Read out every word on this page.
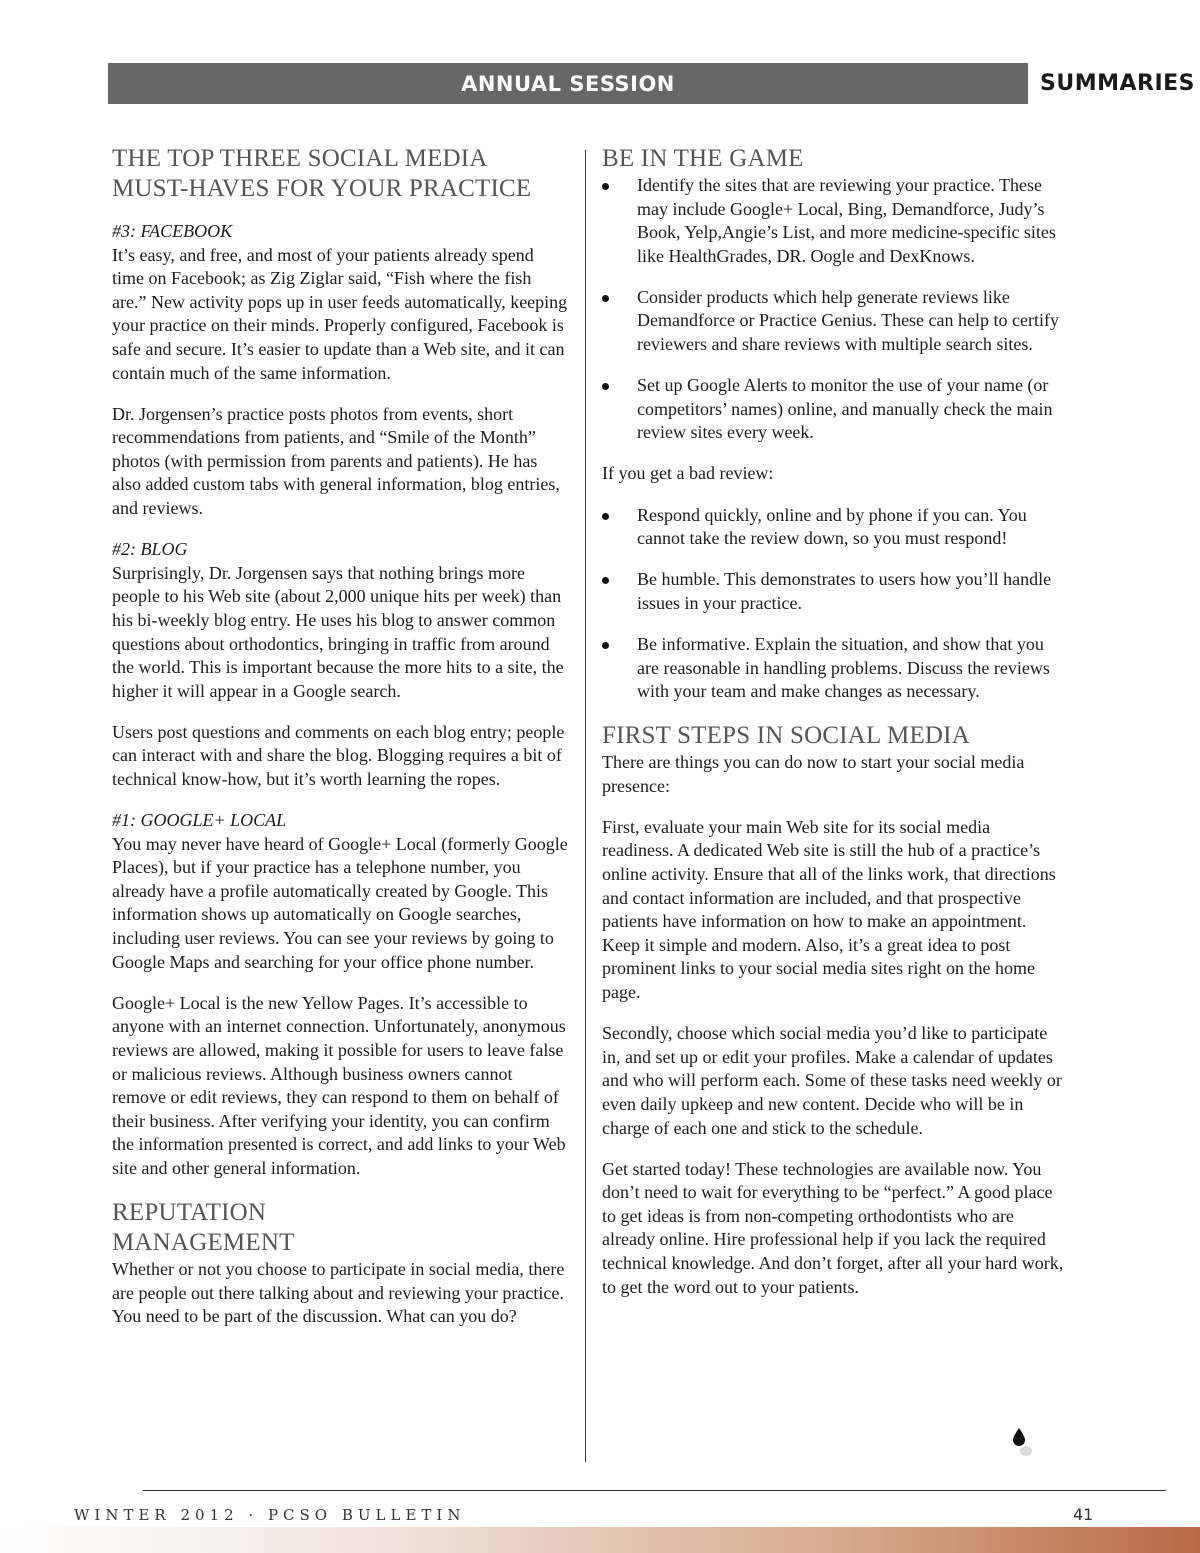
ANNUAL SESSION	SUMMARIES
THE TOP THREE SOCIAL MEDIA
MUST-HAVES FOR YOUR PRACTICE
#3: FACEBOOK

It’s easy, and free, and most of your patients already spend time on Facebook; as Zig Ziglar said, “Fish where the fish are.” New activity pops up in user feeds automatically, keeping your practice on their minds. Properly configured, Facebook is safe and secure. It’s easier to update than a Web site, and it can contain much of the same information.

Dr. Jorgensen’s practice posts photos from events, short recommendations from patients, and “Smile of the Month” photos (with permission from parents and patients). He has also added custom tabs with general information, blog entries, and reviews.

#2: BLOG

Surprisingly, Dr. Jorgensen says that nothing brings more people to his Web site (about 2,000 unique hits per week) than his bi-weekly blog entry. He uses his blog to answer common questions about orthodontics, bringing in traffic from around the world. This is important because the more hits to a site, the higher it will appear in a Google search.

Users post questions and comments on each blog entry; people can interact with and share the blog. Blogging requires a bit of technical know-how, but it’s worth learning the ropes.

#1: GOOGLE+ LOCAL

You may never have heard of Google+ Local (formerly Google Places), but if your practice has a telephone number, you already have a profile automatically created by Google. This information shows up automatically on Google searches, including user reviews. You can see your reviews by going to Google Maps and searching for your office phone number.

Google+ Local is the new Yellow Pages. It’s accessible to anyone with an internet connection. Unfortunately, anonymous reviews are allowed, making it possible for users to leave false or malicious reviews. Although business owners cannot remove or edit reviews, they can respond to them on behalf of their business. After verifying your identity, you can confirm the information presented is correct, and add links to your Web site and other general information.

REPUTATION
MANAGEMENT

Whether or not you choose to participate in social media, there are people out there talking about and reviewing your practice. You need to be part of the discussion. What can you do?

BE IN THE GAME
Identify the sites that are reviewing your practice. These may include Google+ Local, Bing, Demandforce, Judy’s Book, Yelp,Angie’s List, and more medicine-specific sites like HealthGrades, DR. Oogle and DexKnows.
Consider products which help generate reviews like Demandforce or Practice Genius. These can help to certify reviewers and share reviews with multiple search sites.
Set up Google Alerts to monitor the use of your name (or competitors’ names) online, and manually check the main review sites every week.

If you get a bad review:

Respond quickly, online and by phone if you can. You cannot take the review down, so you must respond!
Be humble. This demonstrates to users how you’ll handle issues in your practice.
Be informative. Explain the situation, and show that you are reasonable in handling problems. Discuss the reviews with your team and make changes as necessary.
FIRST STEPS IN SOCIAL MEDIA

There are things you can do now to start your social media presence:

First, evaluate your main Web site for its social media readiness. A dedicated Web site is still the hub of a practice’s online activity. Ensure that all of the links work, that directions and contact information are included, and that prospective patients have information on how to make an appointment. Keep it simple and modern. Also, it’s a great idea to post prominent links to your social media sites right on the home page.

Secondly, choose which social media you’d like to participate in, and set up or edit your profiles. Make a calendar of updates and who will perform each. Some of these tasks need weekly or even daily upkeep and new content. Decide who will be in charge of each one and stick to the schedule.

Get started today! These technologies are available now. You don’t need to wait for everything to be “perfect.” A good place to get ideas is from non-competing orthodontists who are already online. Hire professional help if you lack the required technical knowledge. And don’t forget, after all your hard work, to get the word out to your patients.

WINTER 2012 · PCSO BULLETIN	41
